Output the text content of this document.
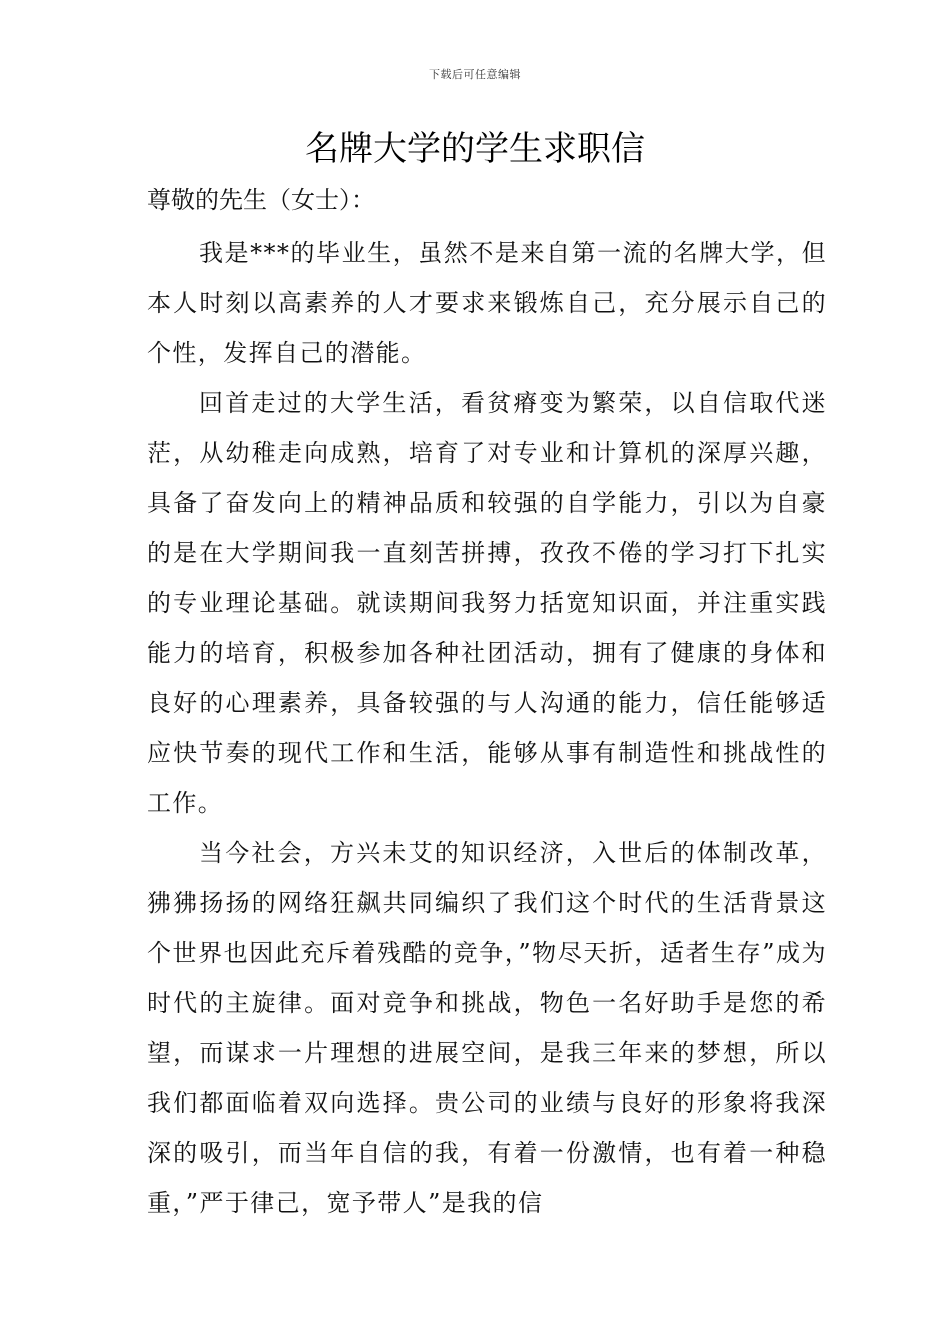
下载后可任意编辑
名牌大学的学生求职信

尊敬的先生（女士）：

我是***的毕业生，虽然不是来自第一流的名牌大学，但本人时刻以高素养的人才要求来锻炼自己，充分展示自己的个性，发挥自己的潜能。

回首走过的大学生活，看贫瘠变为繁荣，以自信取代迷茫，从幼稚走向成熟，培育了对专业和计算机的深厚兴趣，具备了奋发向上的精神品质和较强的自学能力，引以为自豪的是在大学期间我一直刻苦拼搏，孜孜不倦的学习打下扎实的专业理论基础。就读期间我努力括宽知识面，并注重实践能力的培育，积极参加各种社团活动，拥有了健康的身体和良好的心理素养，具备较强的与人沟通的能力，信任能够适应快节奏的现代工作和生活，能够从事有制造性和挑战性的工作。

当今社会，方兴未艾的知识经济，入世后的体制改革，狒狒扬扬的网络狂飙共同编织了我们这个时代的生活背景这个世界也因此充斥着残酷的竞争，”物尽天折，适者生存”成为时代的主旋律。面对竞争和挑战，物色一名好助手是您的希望，而谋求一片理想的进展空间，是我三年来的梦想，所以我们都面临着双向选择。贵公司的业绩与良好的形象将我深深的吸引，而当年自信的我，有着一份激情，也有着一种稳重，”严于律己，宽予带人”是我的信
